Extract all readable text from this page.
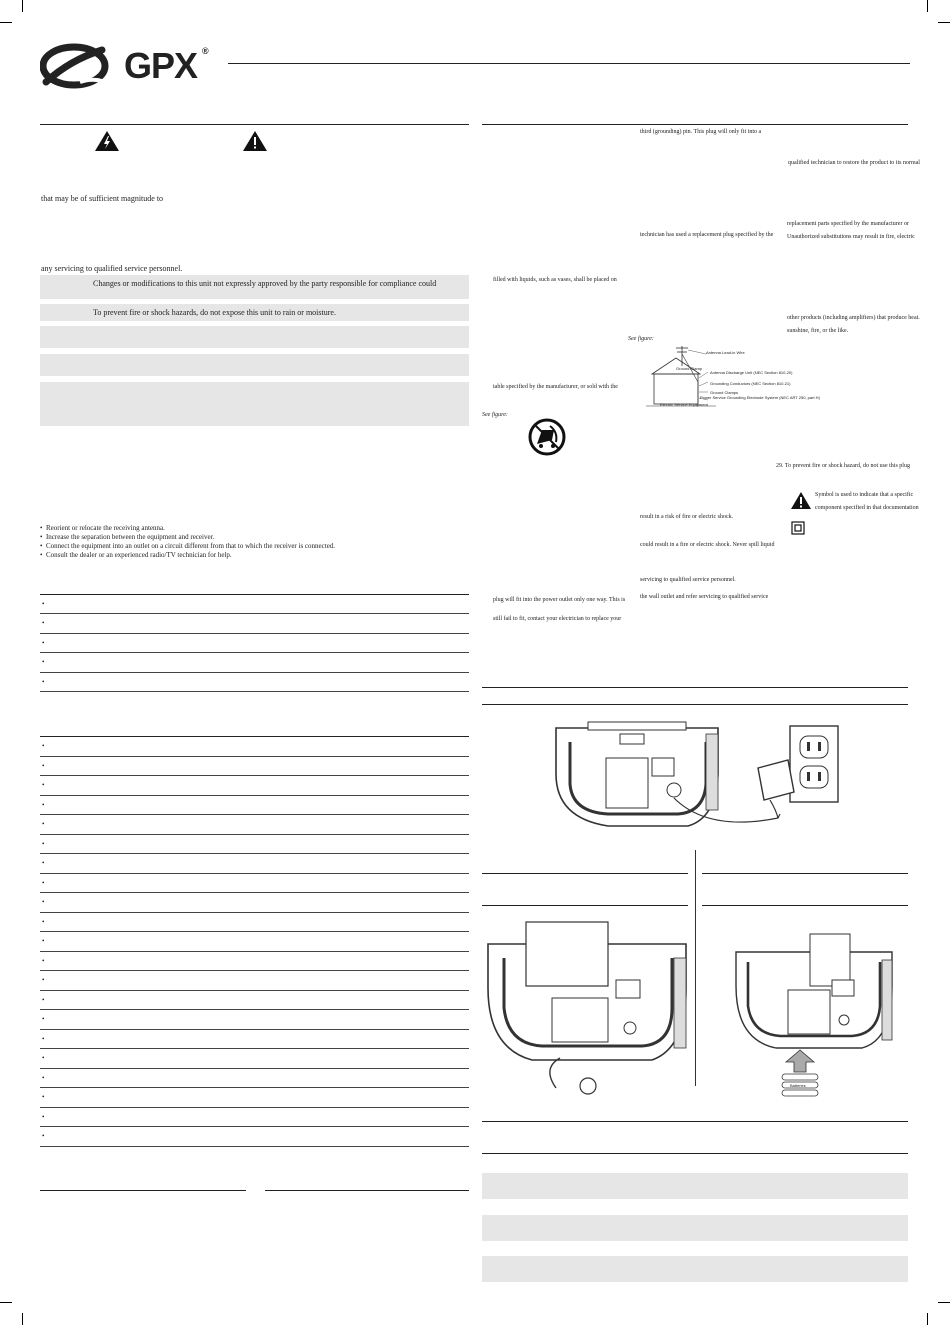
GPX ®
that may be of sufficient magnitude to
any servicing to qualified service personnel.
Changes or modifications to this unit not expressly approved by the party responsible for compliance could
To prevent fire or shock hazards, do not expose this unit to rain or moisture.
• Reorient or relocate the receiving antenna.
• Increase the separation between the equipment and receiver.
• Connect the equipment into an outlet on a circuit different from that to which the receiver is connected.
• Consult the dealer or an experienced radio/TV technician for help.
•
•
•
•
•
•
•
•
•
•
•
•
•
•
•
•
•
•
•
•
•
•
•
•
•
•
third (grounding) pin. This plug will only fit into a
technician has used a replacement plug specified by the
filled with liquids, such as vases, shall be placed on
See figure:
table specified by the manufacturer, or sold with the
See figure:
result in a risk of fire or electric shock.
could result in a fire or electric shock. Never spill liquid
servicing to qualified service personnel.
the wall outlet and refer servicing to qualified service
plug will fit into the power outlet only one way. This is
still fail to fit, contact your electrician to replace your
Antenna Lead-in Wire
Ground Clamp
Antenna Discharge Unit (NEC Section 810-20)
Grounding Conductors (NEC Section 810-21)
Ground Clamps
Power Service Grounding Electrode System (NEC ART 250, part H)
Electric Service Equipment
qualified technician to restore the product to its normal
replacement parts specified by the manufacturer or
Unauthorized substitutions may result in fire, electric
other products (including amplifiers) that produce heat.
sunshine, fire, or the like.
29. To prevent fire or shock hazard, do not use this plug
Symbol is used to indicate that a specific
component specified in that documentation
Batteries
